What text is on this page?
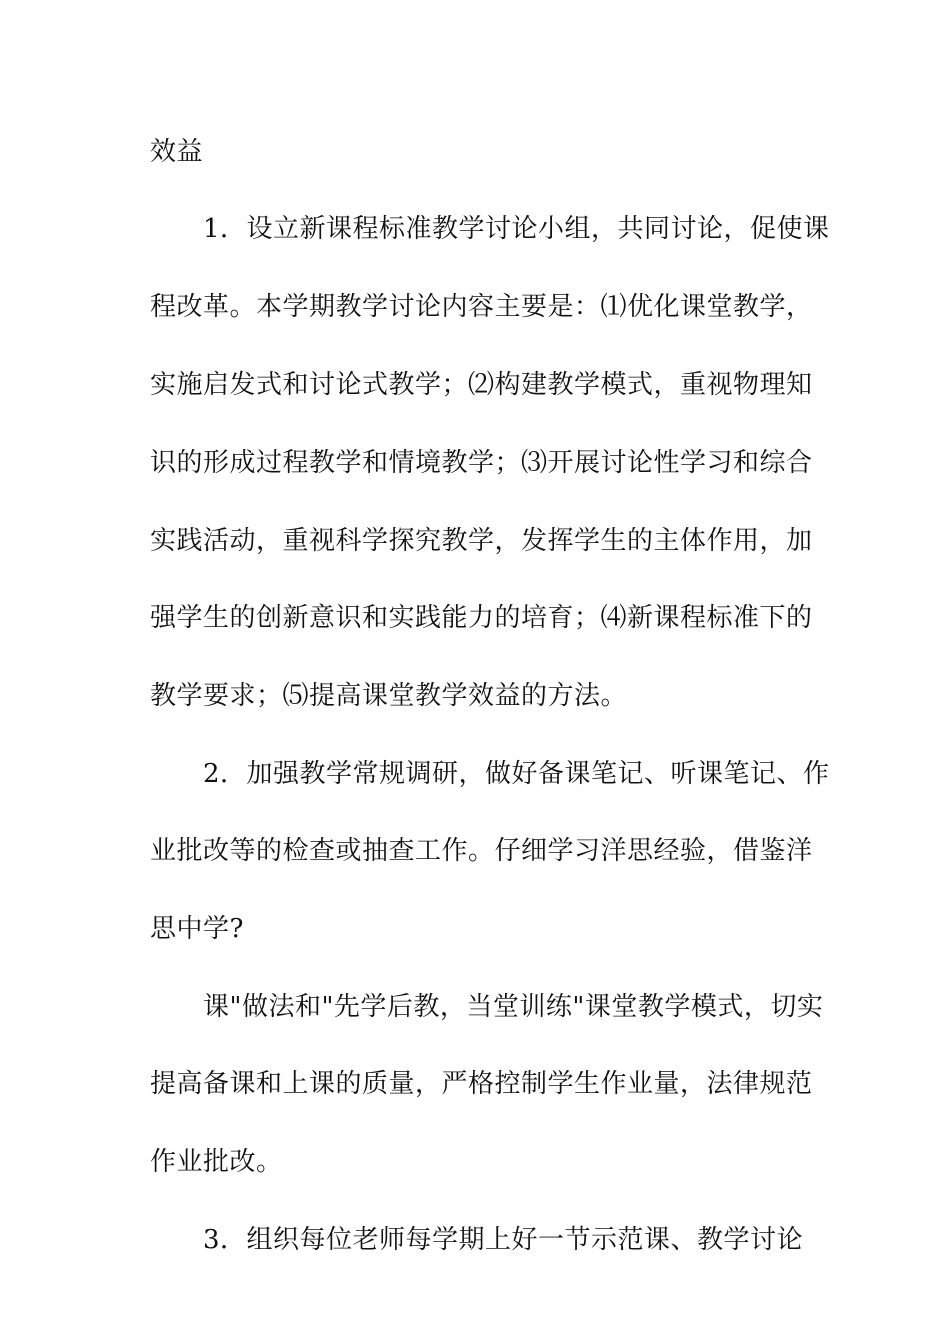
效益
1．设立新课程标准教学讨论小组，共同讨论，促使课
程改革。本学期教学讨论内容主要是：⑴优化课堂教学，
实施启发式和讨论式教学；⑵构建教学模式，重视物理知
识的形成过程教学和情境教学；⑶开展讨论性学习和综合
实践活动，重视科学探究教学，发挥学生的主体作用，加
强学生的创新意识和实践能力的培育；⑷新课程标准下的
教学要求；⑸提高课堂教学效益的方法。
2．加强教学常规调研，做好备课笔记、听课笔记、作
业批改等的检查或抽查工作。仔细学习洋思经验，借鉴洋
思中学?
课"做法和"先学后教，当堂训练"课堂教学模式，切实
提高备课和上课的质量，严格控制学生作业量，法律规范
作业批改。
3．组织每位老师每学期上好一节示范课、教学讨论
